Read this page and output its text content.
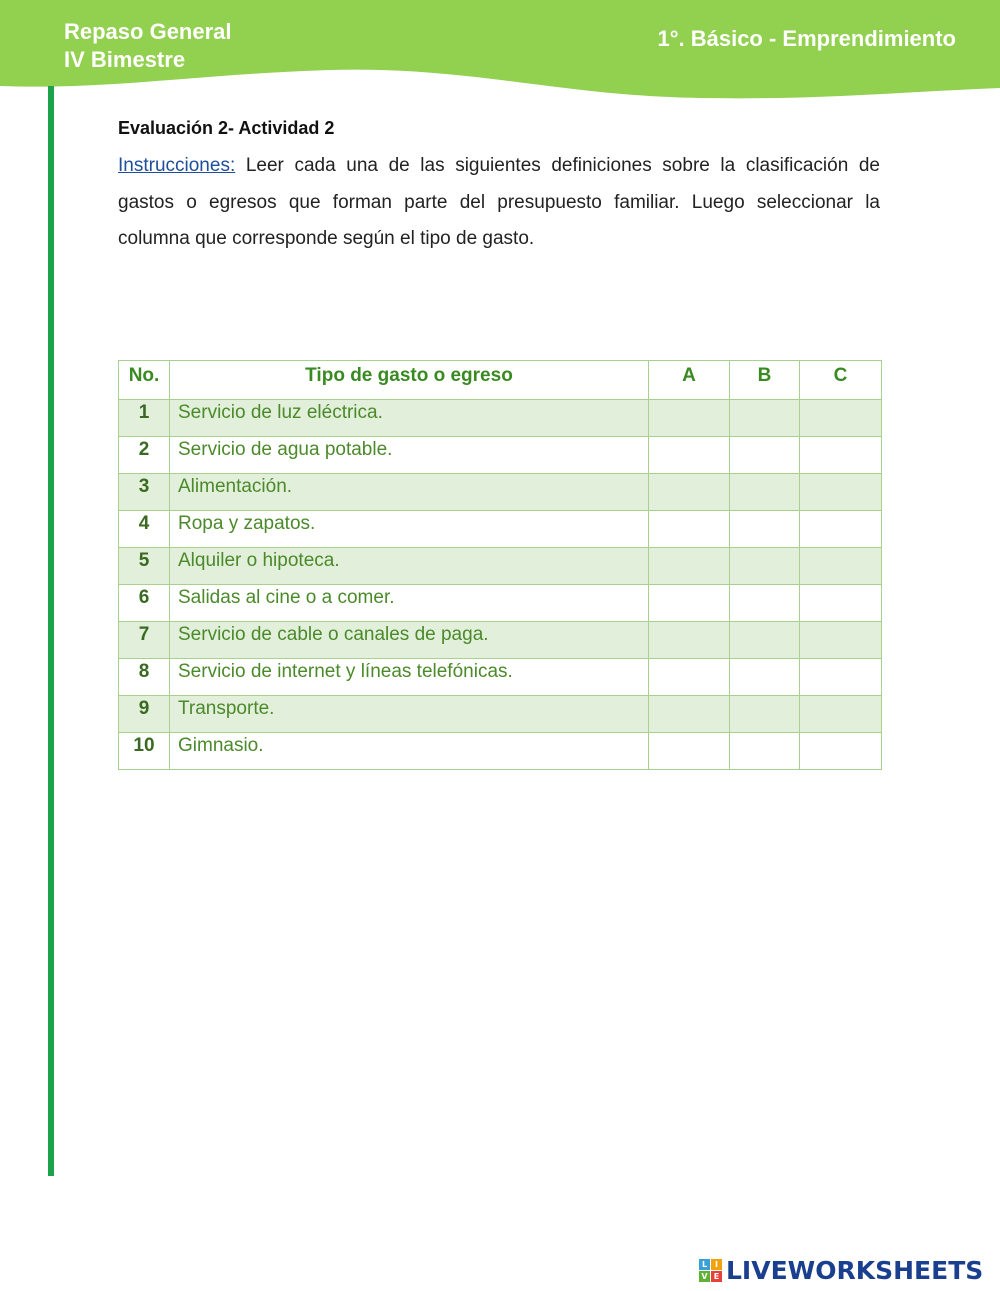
Repaso General
IV Bimestre
1°. Básico - Emprendimiento
Evaluación 2- Actividad 2
Instrucciones: Leer cada una de las siguientes definiciones sobre la clasificación de gastos o egresos que forman parte del presupuesto familiar. Luego seleccionar la columna que corresponde según el tipo de gasto.
No.	Tipo de gasto o egreso	A	B	C
1	Servicio de luz eléctrica.			
2	Servicio de agua potable.			
3	Alimentación.			
4	Ropa y zapatos.			
5	Alquiler o hipoteca.			
6	Salidas al cine o a comer.			
7	Servicio de cable o canales de paga.			
8	Servicio de internet y líneas telefónicas.			
9	Transporte.			
10	Gimnasio.			
L I
V E LIVEWORKSHEETS
